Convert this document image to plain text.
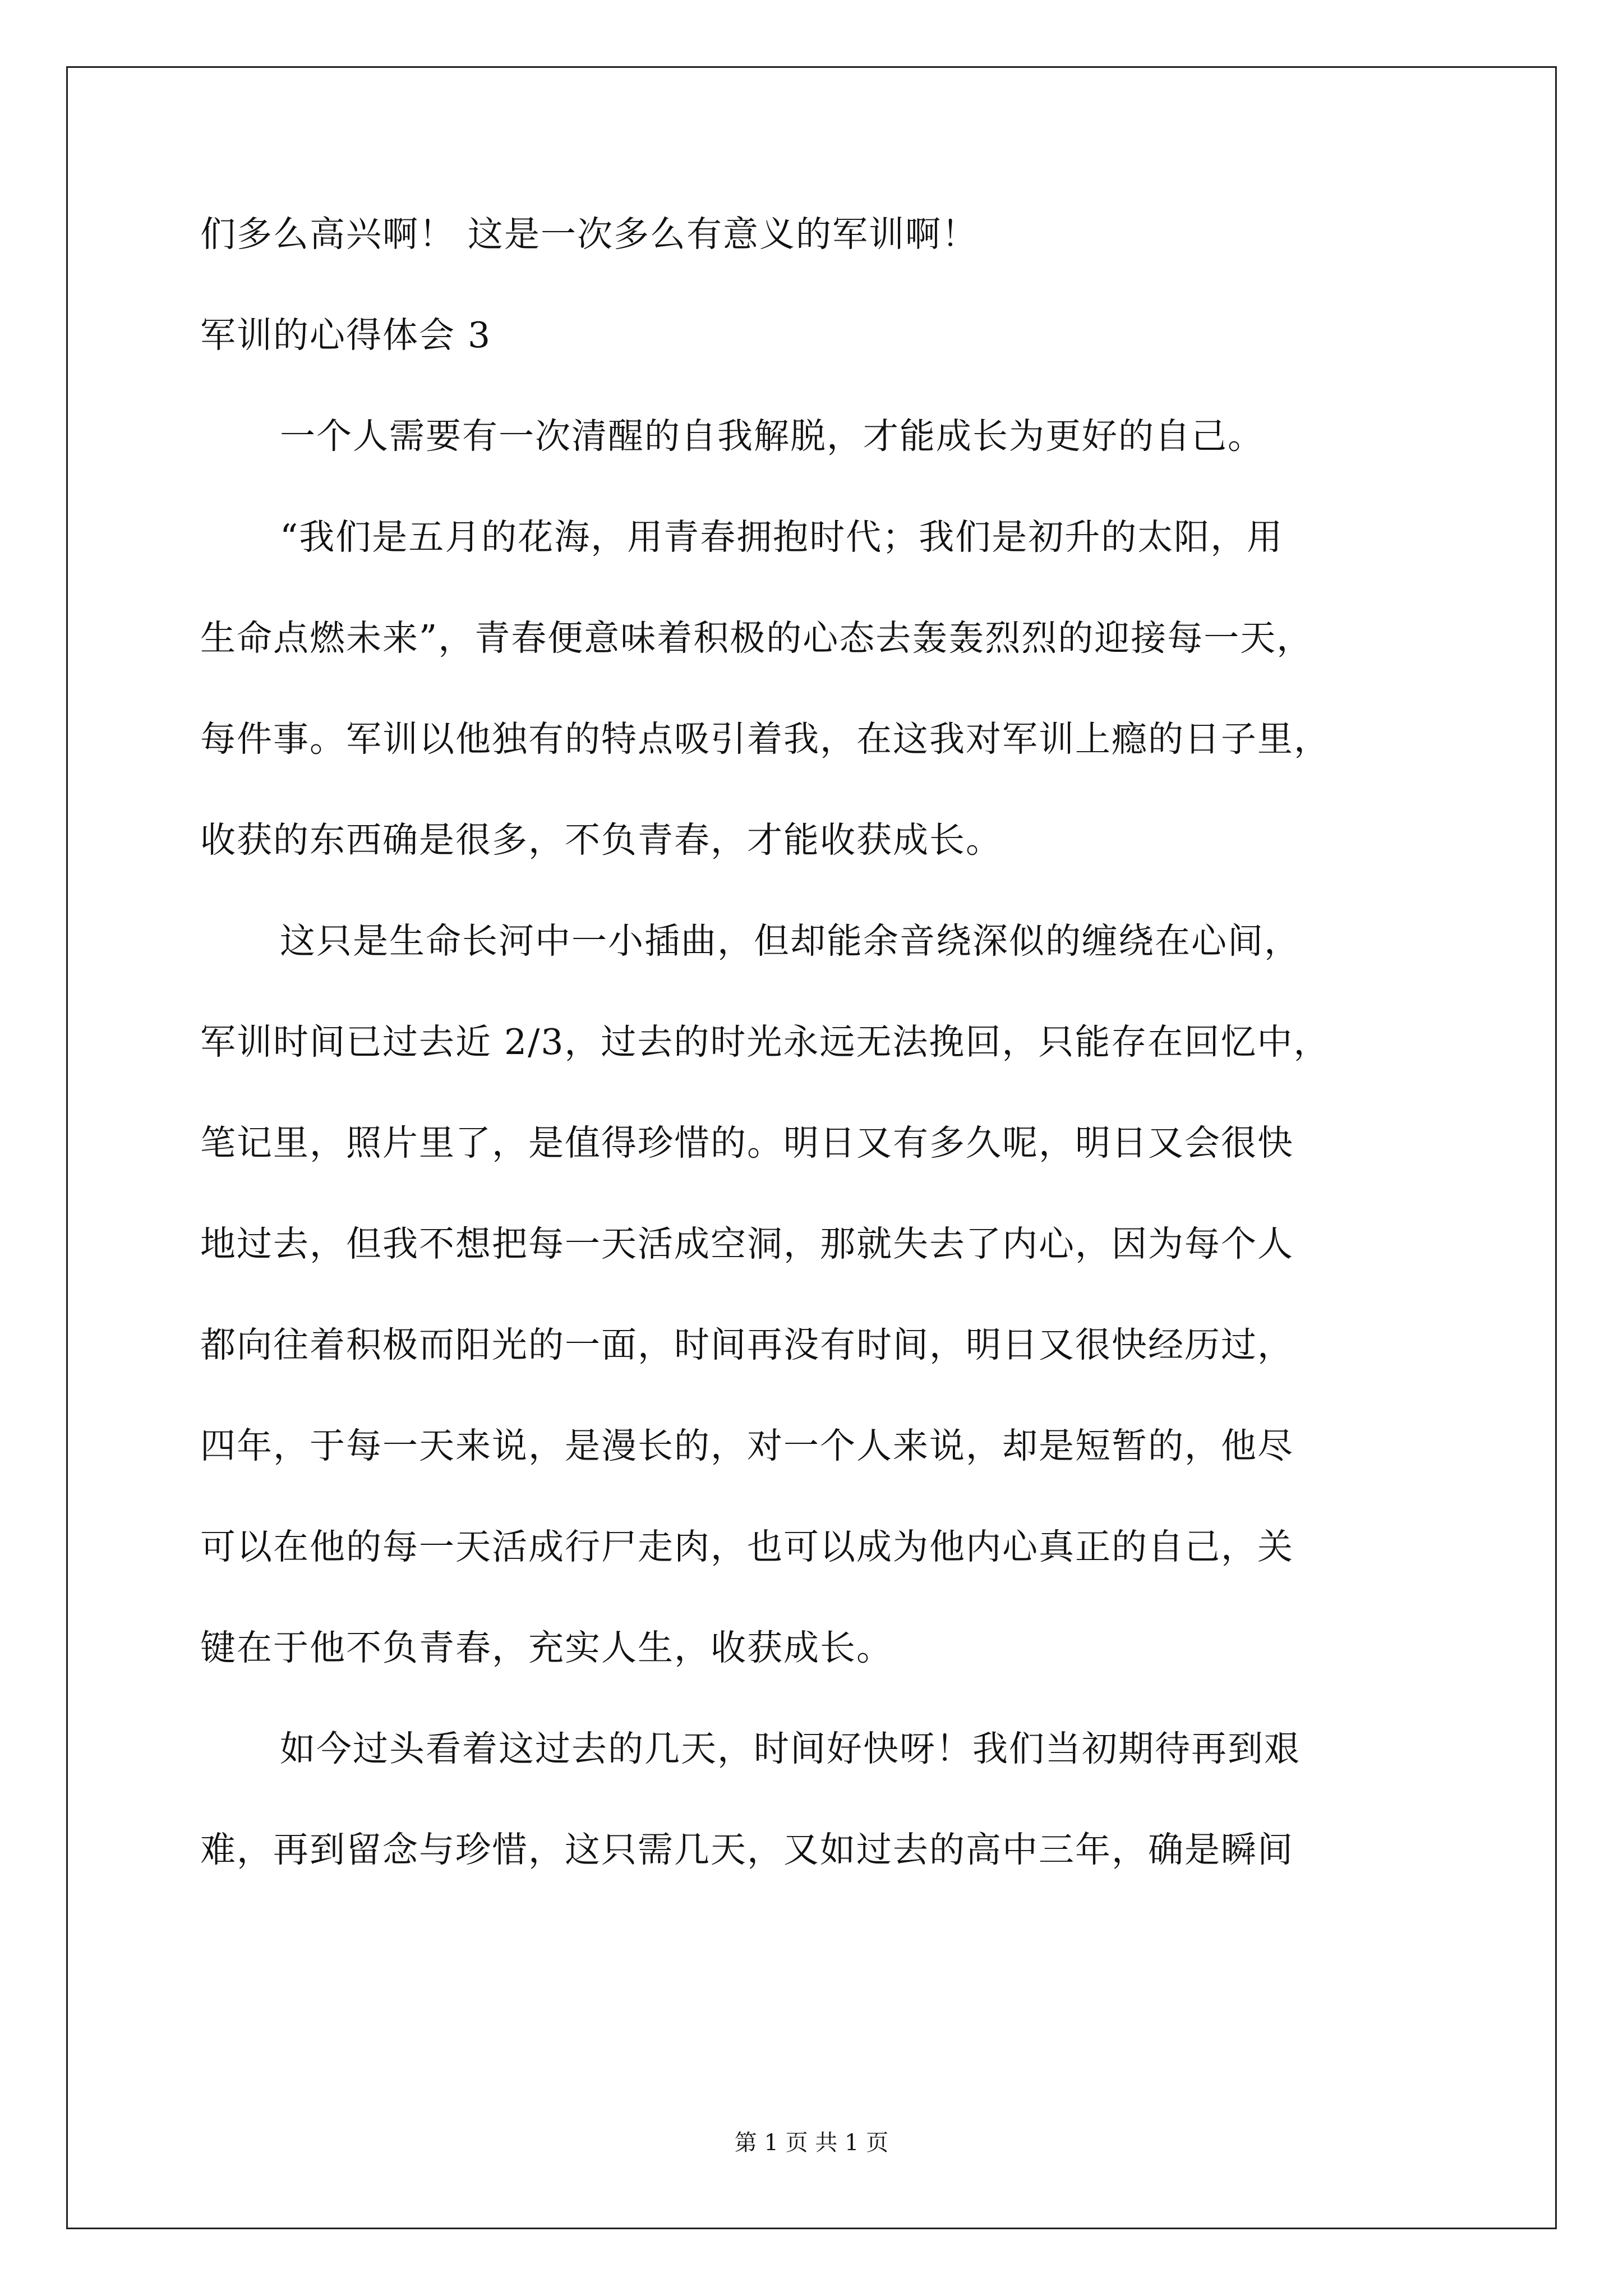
们多么高兴啊！ 这是一次多么有意义的军训啊！
军训的心得体会 3
一个人需要有一次清醒的自我解脱，才能成长为更好的自己。
“我们是五月的花海，用青春拥抱时代；我们是初升的太阳，用
生命点燃未来”，青春便意味着积极的心态去轰轰烈烈的迎接每一天，
每件事。军训以他独有的特点吸引着我，在这我对军训上瘾的日子里，
收获的东西确是很多，不负青春，才能收获成长。
这只是生命长河中一小插曲，但却能余音绕深似的缠绕在心间，
军训时间已过去近 2/3，过去的时光永远无法挽回，只能存在回忆中，
笔记里，照片里了，是值得珍惜的。明日又有多久呢，明日又会很快
地过去，但我不想把每一天活成空洞，那就失去了内心，因为每个人
都向往着积极而阳光的一面，时间再没有时间，明日又很快经历过，
四年，于每一天来说，是漫长的，对一个人来说，却是短暂的，他尽
可以在他的每一天活成行尸走肉，也可以成为他内心真正的自己，关
键在于他不负青春，充实人生，收获成长。
如今过头看着这过去的几天，时间好快呀！我们当初期待再到艰
难，再到留念与珍惜，这只需几天，又如过去的高中三年，确是瞬间
第 1 页 共 1 页
